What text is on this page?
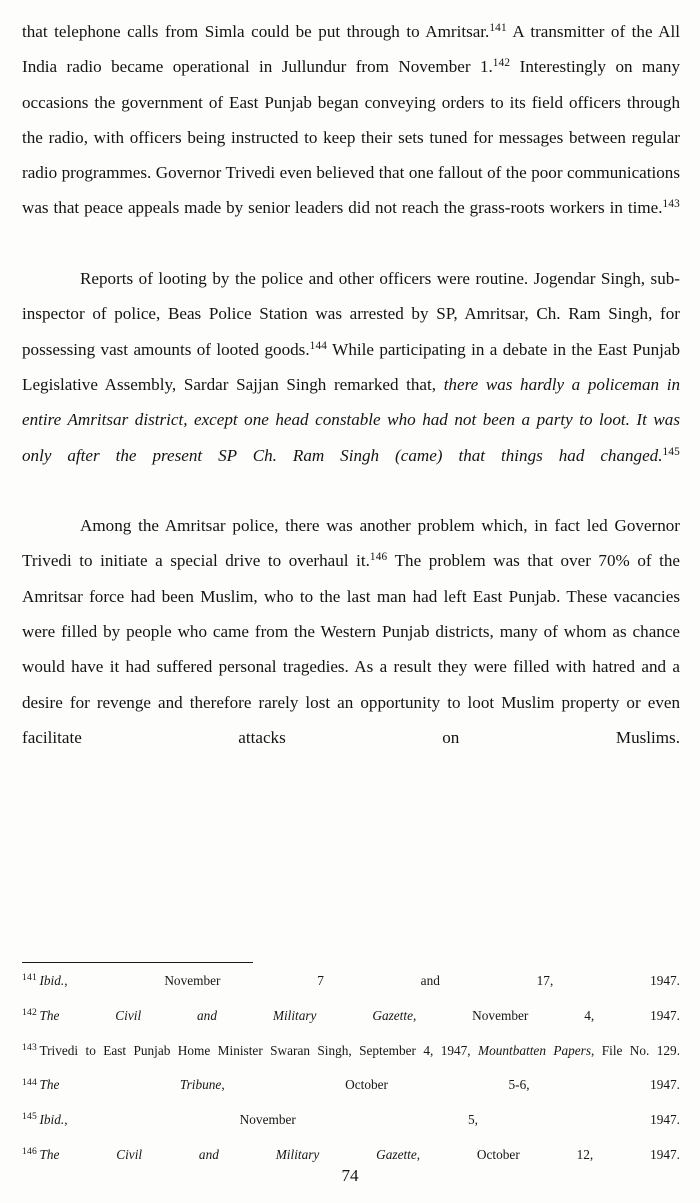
that telephone calls from Simla could be put through to Amritsar.$^{141}$ A transmitter of the All India radio became operational in Jullundur from November 1.$^{142}$ Interestingly on many occasions the government of East Punjab began conveying orders to its field officers through the radio, with officers being instructed to keep their sets tuned for messages between regular radio programmes. Governor Trivedi even believed that one fallout of the poor communications was that peace appeals made by senior leaders did not reach the grass-roots workers in time.$^{143}$

Reports of looting by the police and other officers were routine. Jogendar Singh, sub-inspector of police, Beas Police Station was arrested by SP, Amritsar, Ch. Ram Singh, for possessing vast amounts of looted goods.$^{144}$ While participating in a debate in the East Punjab Legislative Assembly, Sardar Sajjan Singh remarked that, there was hardly a policeman in entire Amritsar district, except one head constable who had not been a party to loot. It was only after the present SP Ch. Ram Singh (came) that things had changed.$^{145}$

Among the Amritsar police, there was another problem which, in fact led Governor Trivedi to initiate a special drive to overhaul it.$^{146}$ The problem was that over 70% of the Amritsar force had been Muslim, who to the last man had left East Punjab. These vacancies were filled by people who came from the Western Punjab districts, many of whom as chance would have it had suffered personal tragedies. As a result they were filled with hatred and a desire for revenge and therefore rarely lost an opportunity to loot Muslim property or even facilitate attacks on Muslims.

$^{141}$ Ibid., November 7 and 17, 1947.

$^{142}$ The Civil and Military Gazette, November 4, 1947.

$^{143}$ Trivedi to East Punjab Home Minister Swaran Singh, September 4, 1947, Mountbatten Papers, File No. 129.

$^{144}$ The Tribune, October 5-6, 1947.

$^{145}$ Ibid., November 5, 1947.

$^{146}$ The Civil and Military Gazette, October 12, 1947.

74
